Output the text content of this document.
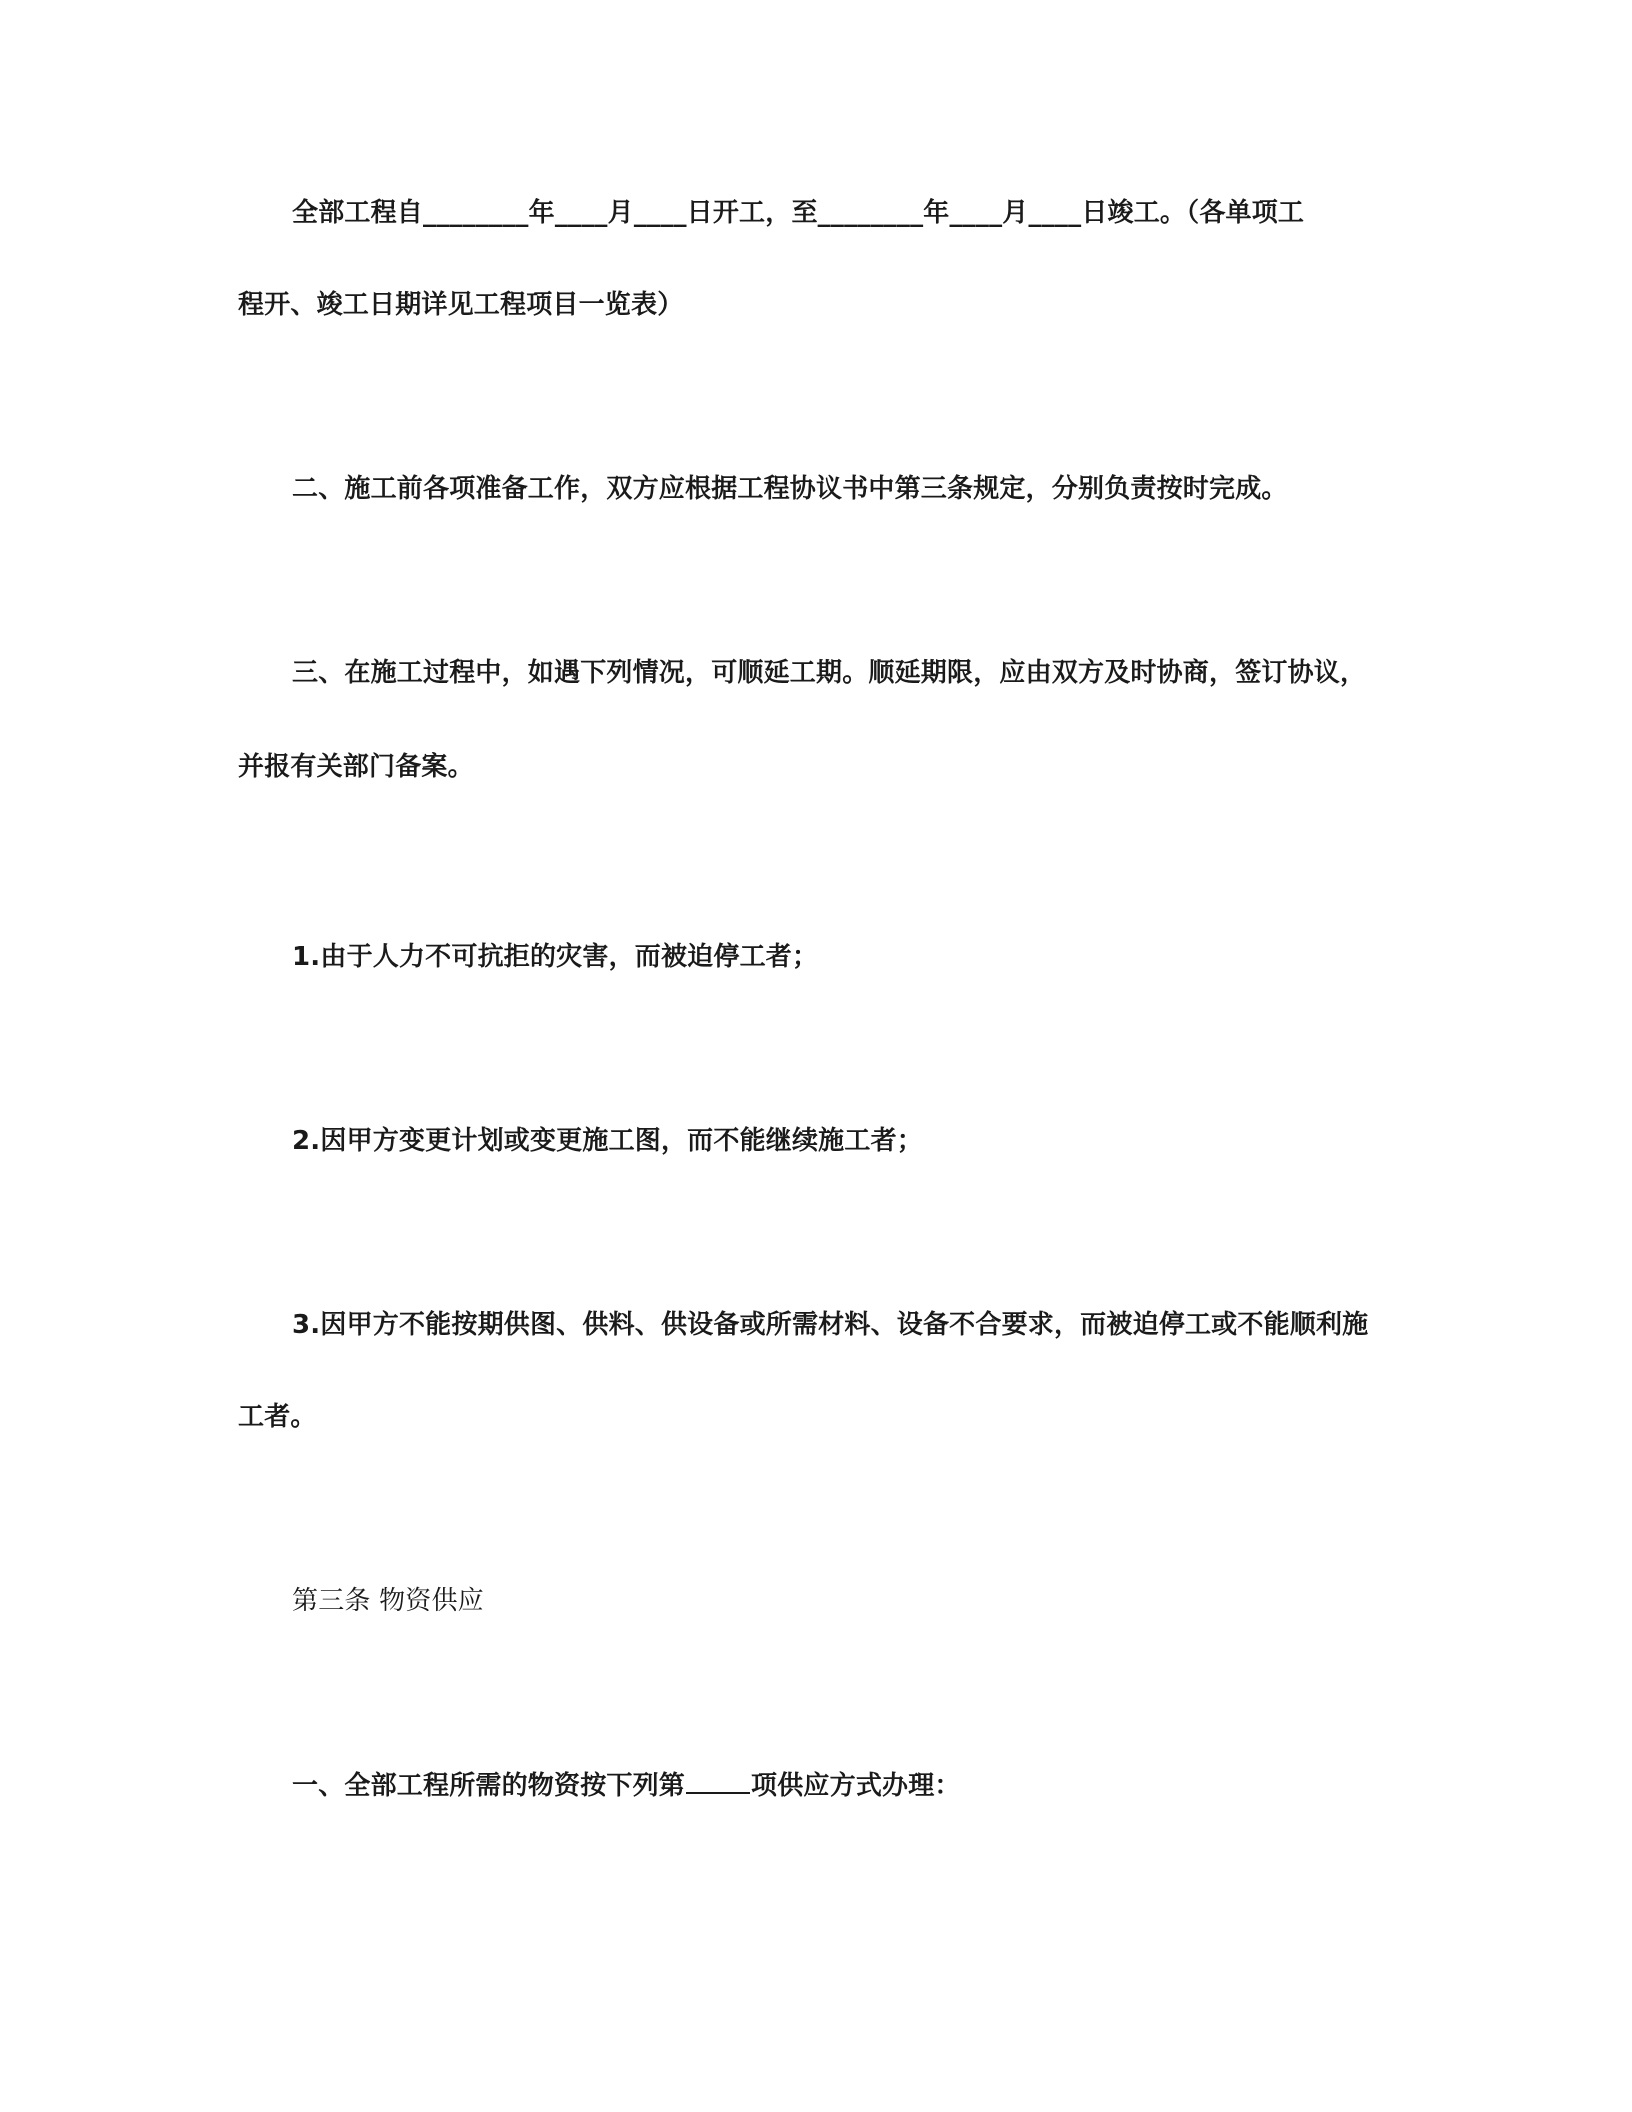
全部工程自________年____月____日开工，至________年____月____日竣工。（各单项工
程开、竣工日期详见工程项目一览表）
二、施工前各项准备工作，双方应根据工程协议书中第三条规定，分别负责按时完成。
三、在施工过程中，如遇下列情况，可顺延工期。顺延期限，应由双方及时协商，签订协议，
并报有关部门备案。
1.由于人力不可抗拒的灾害，而被迫停工者；
2.因甲方变更计划或变更施工图，而不能继续施工者；
3.因甲方不能按期供图、供料、供设备或所需材料、设备不合要求，而被迫停工或不能顺利施
工者。
第三条 物资供应
一、全部工程所需的物资按下列第	项供应方式办理：
